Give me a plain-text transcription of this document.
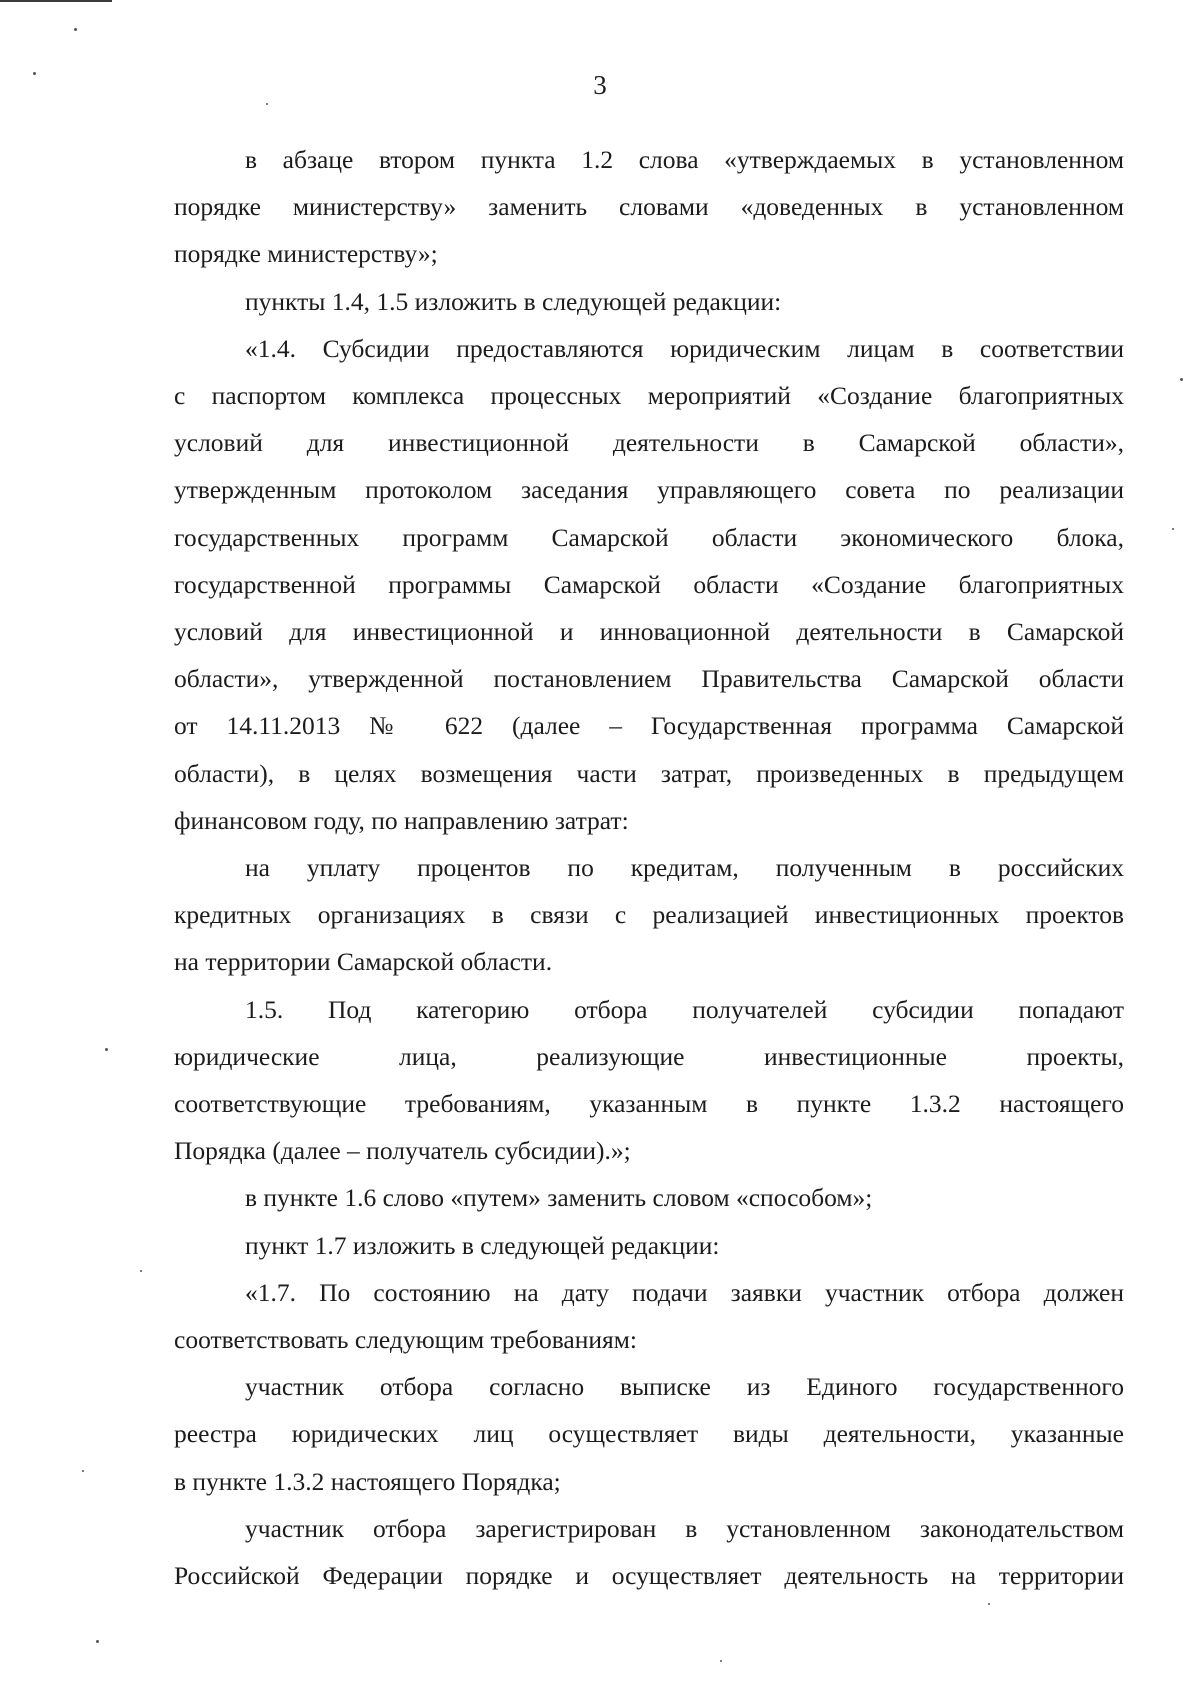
3
в абзаце втором пункта 1.2 слова «утверждаемых в установленном
порядке министерству» заменить словами «доведенных в установленном
порядке министерству»;
пункты 1.4, 1.5 изложить в следующей редакции:
«1.4. Субсидии предоставляются юридическим лицам в соответствии
с паспортом комплекса процессных мероприятий «Создание благоприятных
условий для инвестиционной деятельности в Самарской области»,
утвержденным протоколом заседания управляющего совета по реализации
государственных программ Самарской области экономического блока,
государственной программы Самарской области «Создание благоприятных
условий для инвестиционной и инновационной деятельности в Самарской
области», утвержденной постановлением Правительства Самарской области
от 14.11.2013 № 622 (далее – Государственная программа Самарской
области), в целях возмещения части затрат, произведенных в предыдущем
финансовом году, по направлению затрат:
на уплату процентов по кредитам, полученным в российских
кредитных организациях в связи с реализацией инвестиционных проектов
на территории Самарской области.
1.5. Под категорию отбора получателей субсидии попадают
юридические лица, реализующие инвестиционные проекты,
соответствующие требованиям, указанным в пункте 1.3.2 настоящего
Порядка (далее – получатель субсидии).»;
в пункте 1.6 слово «путем» заменить словом «способом»;
пункт 1.7 изложить в следующей редакции:
«1.7. По состоянию на дату подачи заявки участник отбора должен
соответствовать следующим требованиям:
участник отбора согласно выписке из Единого государственного
реестра юридических лиц осуществляет виды деятельности, указанные
в пункте 1.3.2 настоящего Порядка;
участник отбора зарегистрирован в установленном законодательством
Российской Федерации порядке и осуществляет деятельность на территории
